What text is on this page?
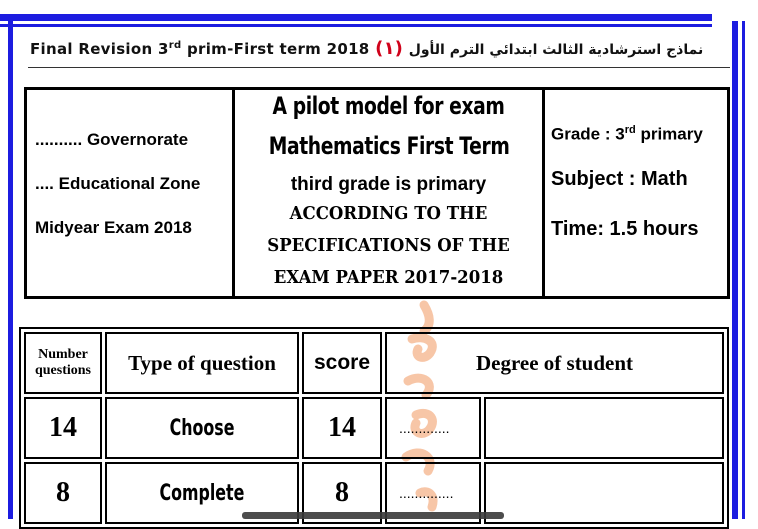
Final Revision 3rd prim-First term 2018 (١) نماذج استرشادية الثالث ابتدائي الترم الأول
.......... Governorate
.... Educational Zone
Midyear Exam 2018
A pilot model for exam
Mathematics First Term
third grade is primary
ACCORDING TO THE
SPECIFICATIONS OF THE
EXAM PAPER 2017-2018
Grade : 3rd primary
Subject : Math
Time: 1.5 hours
Number
questions	Type of question	score	Degree of student	
14	Choose	14	.............	
8	Complete	8	..............	
